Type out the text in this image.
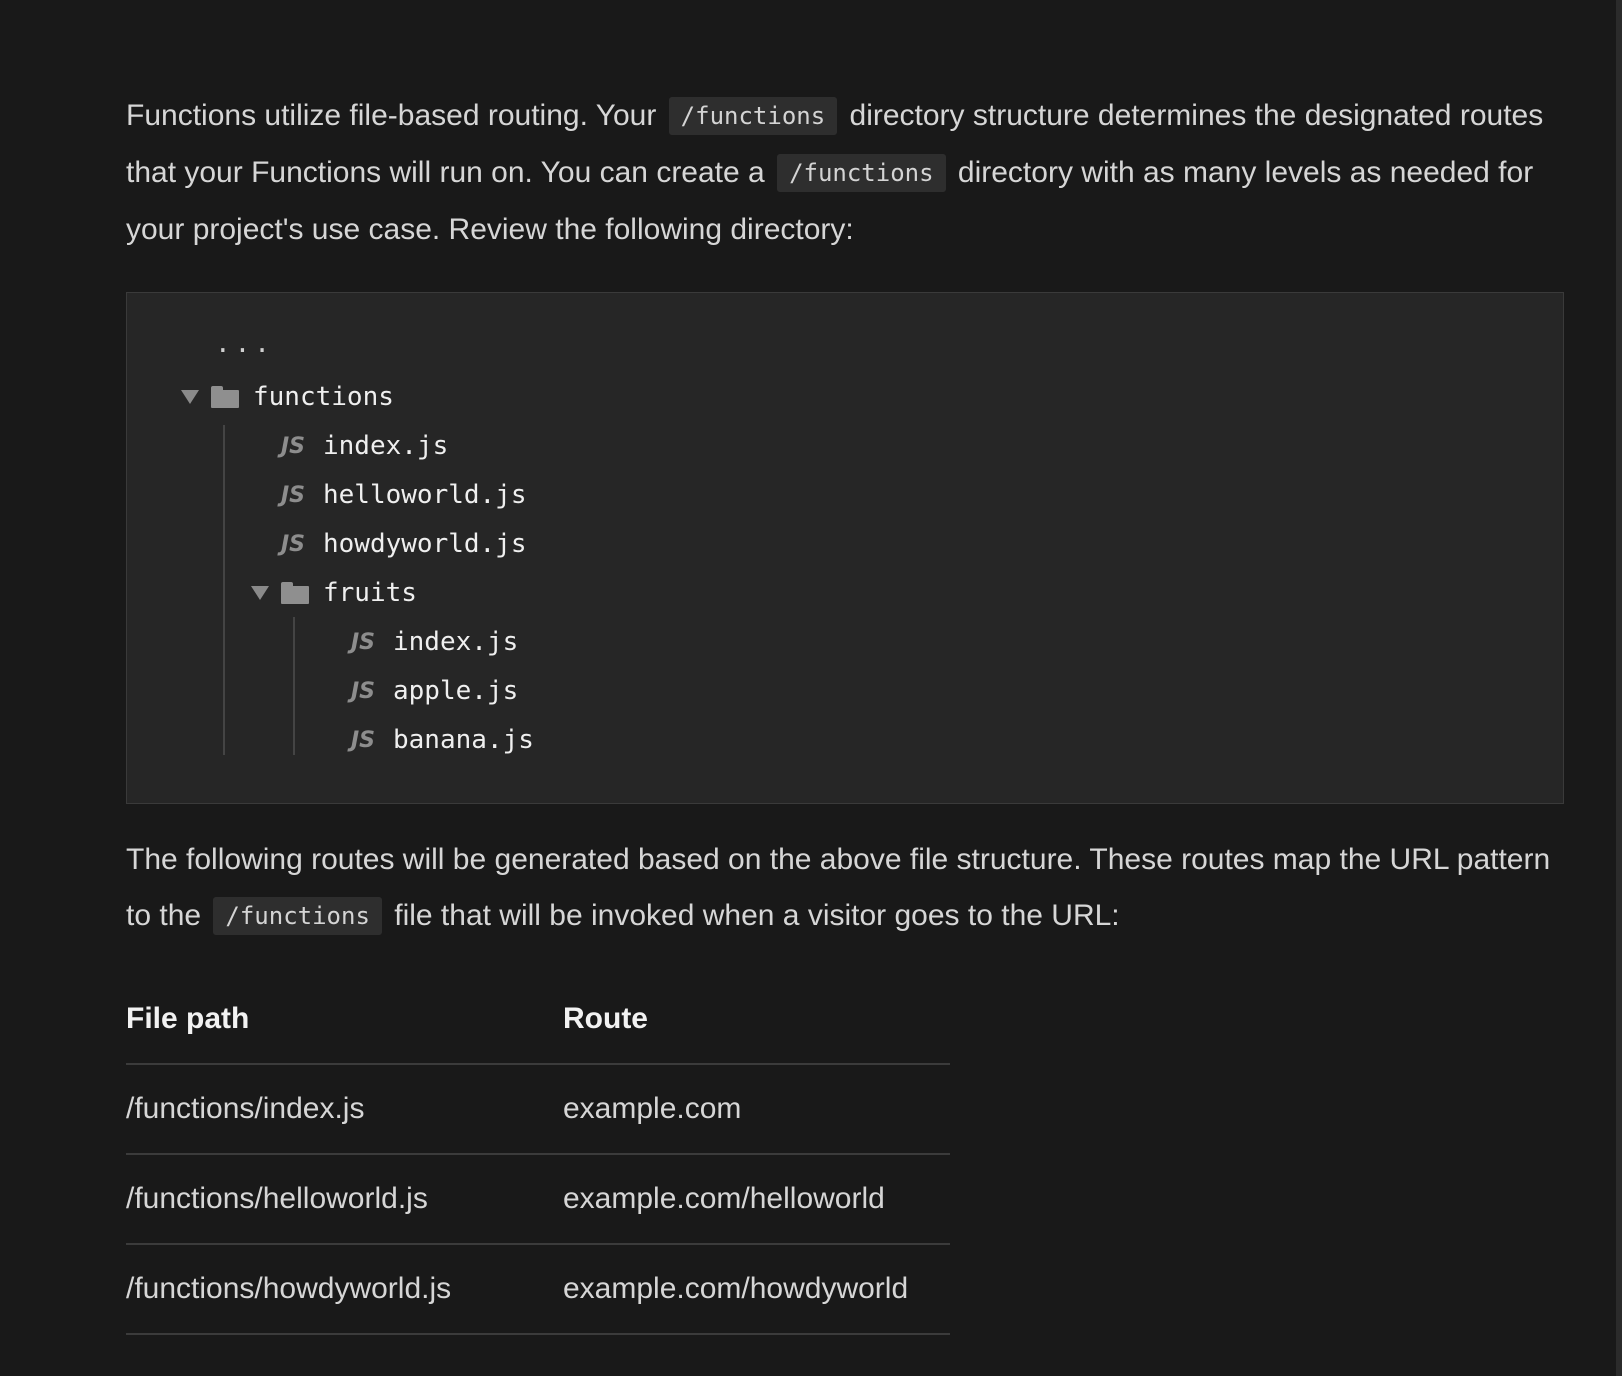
Functions utilize file-based routing. Your /functions directory structure determines the designated routes that your Functions will run on. You can create a /functions directory with as many levels as needed for your project's use case. Review the following directory:

...
functions
JS index.js
JS helloworld.js
JS howdyworld.js
fruits
JS index.js
JS apple.js
JS banana.js

The following routes will be generated based on the above file structure. These routes map the URL pattern to the /functions file that will be invoked when a visitor goes to the URL:

File path	Route
/functions/index.js	example.com
/functions/helloworld.js	example.com/helloworld
/functions/howdyworld.js	example.com/howdyworld
